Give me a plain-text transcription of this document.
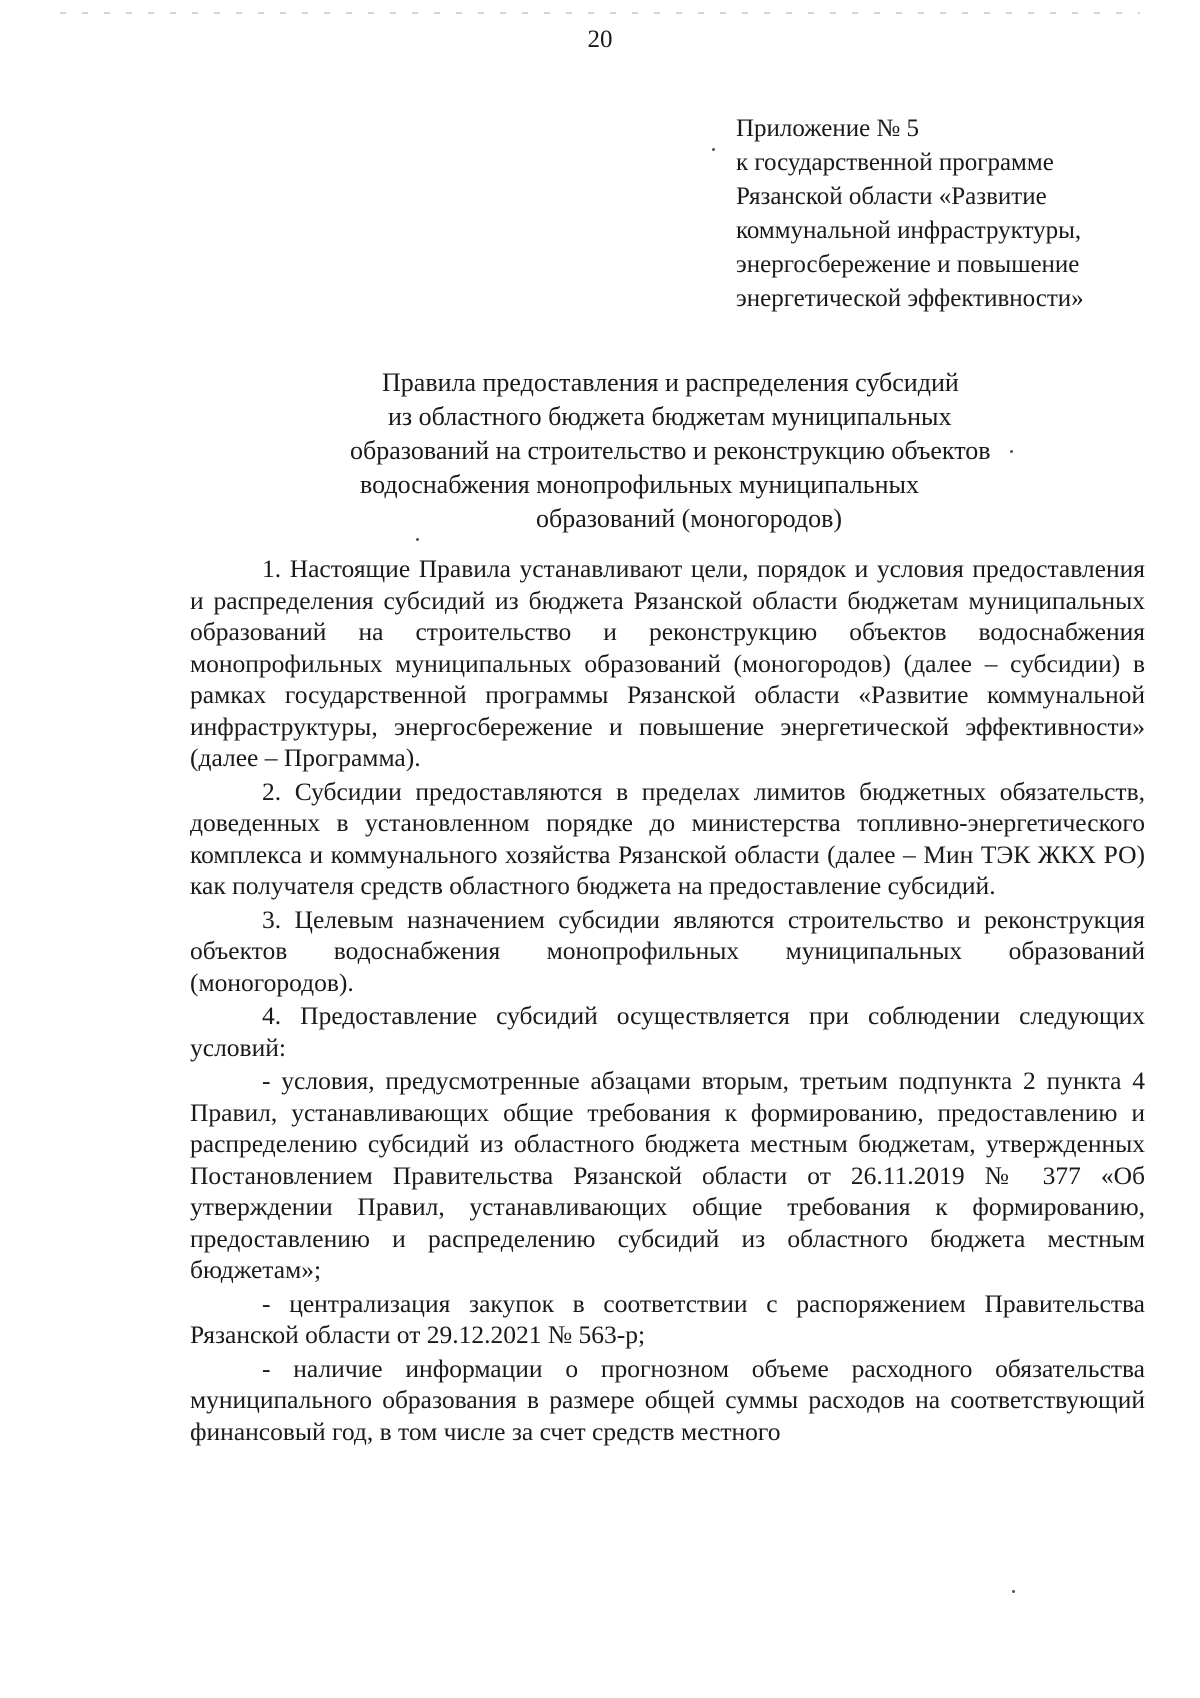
20
Приложение № 5
к государственной программе
Рязанской области «Развитие
коммунальной инфраструктуры,
энергосбережение и повышение
энергетической эффективности»
Правила предоставления и распределения субсидий
из областного бюджета бюджетам муниципальных
образований на строительство и реконструкцию объектов
водоснабжения монопрофильных муниципальных
образований (моногородов)

1. Настоящие Правила устанавливают цели, порядок и условия предоставления и распределения субсидий из бюджета Рязанской области бюджетам муниципальных образований на строительство и реконструкцию объектов водоснабжения монопрофильных муниципальных образований (моногородов) (далее – субсидии) в рамках государственной программы Рязанской области «Развитие коммунальной инфраструктуры, энергосбережение и повышение энергетической эффективности» (далее – Программа).

2. Субсидии предоставляются в пределах лимитов бюджетных обязательств, доведенных в установленном порядке до министерства топливно-энергетического комплекса и коммунального хозяйства Рязанской области (далее – Мин ТЭК ЖКХ РО) как получателя средств областного бюджета на предоставление субсидий.

3. Целевым назначением субсидии являются строительство и реконструкция объектов водоснабжения монопрофильных муниципальных образований (моногородов).

4. Предоставление субсидий осуществляется при соблюдении следующих условий:

- условия, предусмотренные абзацами вторым, третьим подпункта 2 пункта 4 Правил, устанавливающих общие требования к формированию, предоставлению и распределению субсидий из областного бюджета местным бюджетам, утвержденных Постановлением Правительства Рязанской области от 26.11.2019 № 377 «Об утверждении Правил, устанавливающих общие требования к формированию, предоставлению и распределению субсидий из областного бюджета местным бюджетам»;

- централизация закупок в соответствии с распоряжением Правительства Рязанской области от 29.12.2021 № 563-р;

- наличие информации о прогнозном объеме расходного обязательства муниципального образования в размере общей суммы расходов на соответствующий финансовый год, в том числе за счет средств местного
